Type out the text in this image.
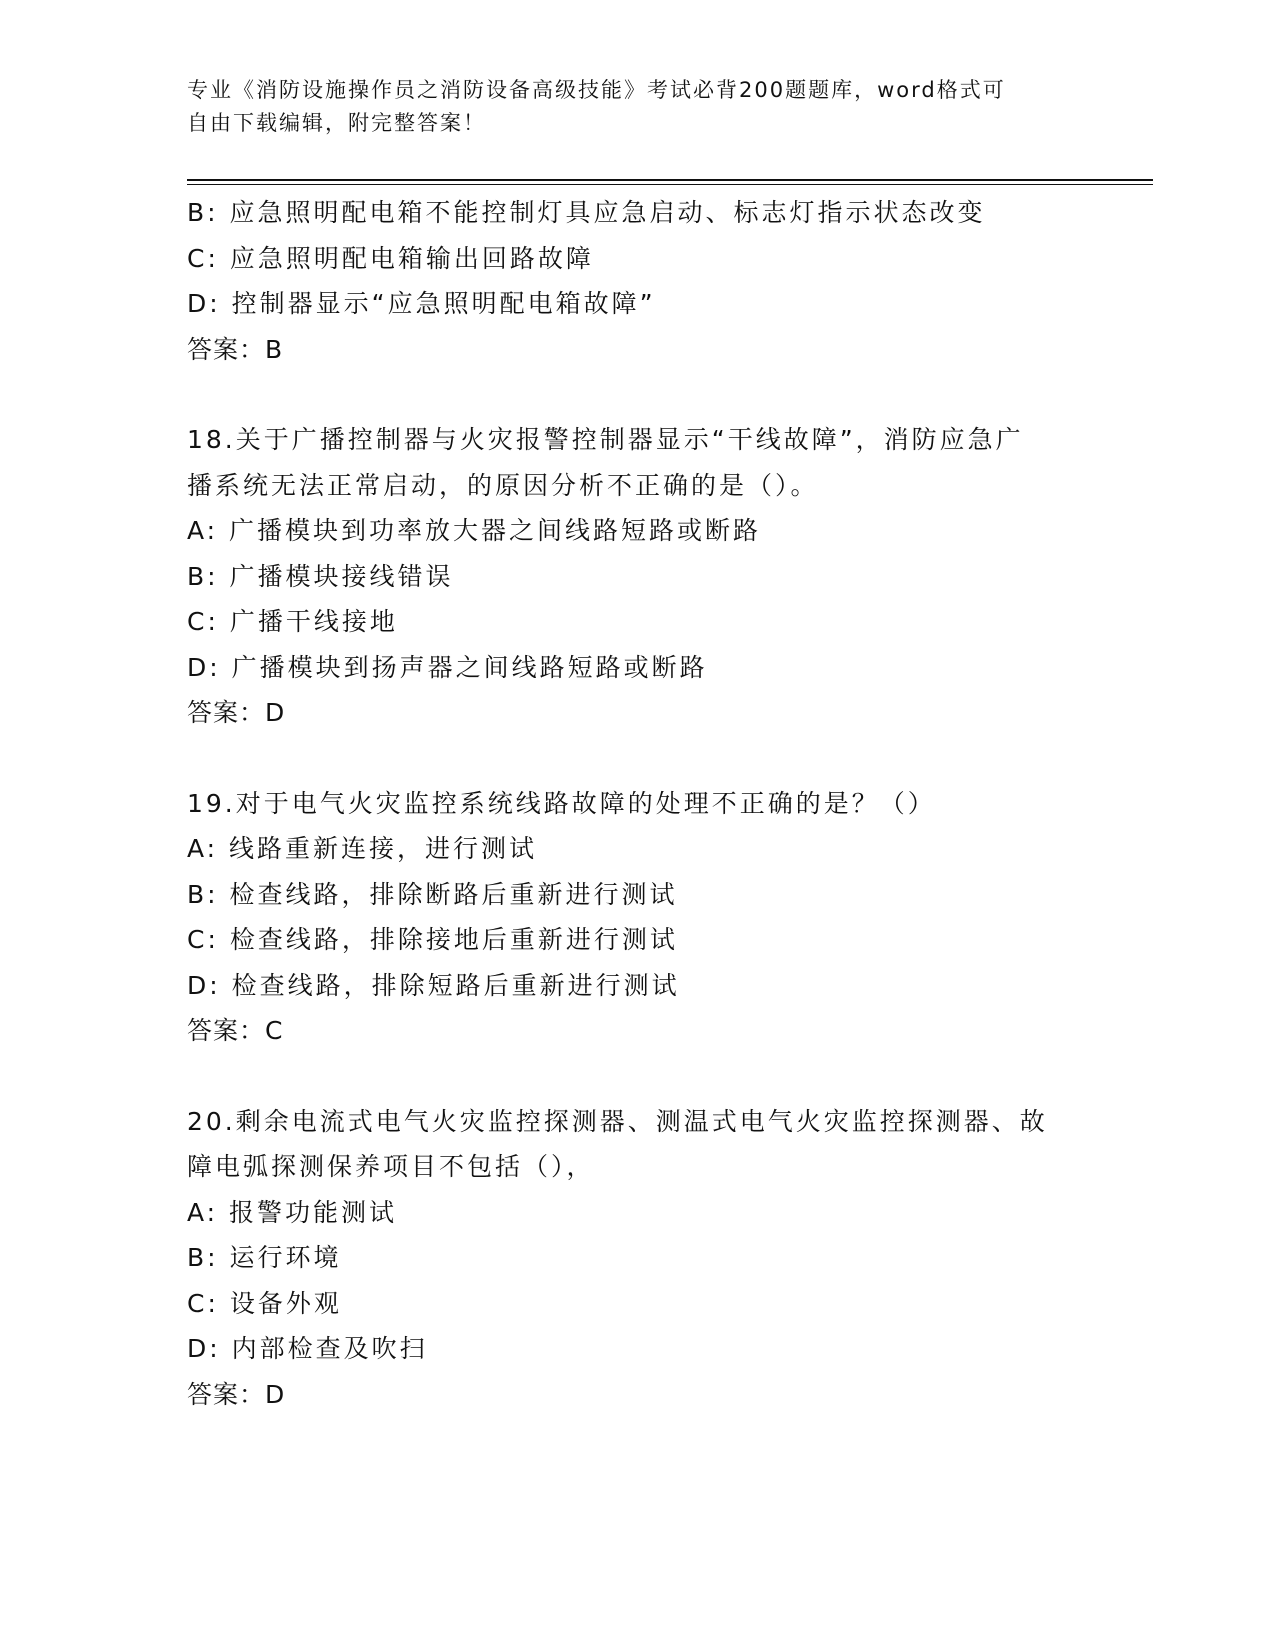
专业《消防设施操作员之消防设备高级技能》考试必背200题题库，word格式可
自由下载编辑，附完整答案！
B: 应急照明配电箱不能控制灯具应急启动、标志灯指示状态改变
C: 应急照明配电箱输出回路故障
D: 控制器显示“应急照明配电箱故障”
答案：B
18.关于广播控制器与火灾报警控制器显示“干线故障”，消防应急广
播系统无法正常启动，的原因分析不正确的是（）。
A: 广播模块到功率放大器之间线路短路或断路
B: 广播模块接线错误
C: 广播干线接地
D: 广播模块到扬声器之间线路短路或断路
答案：D
19.对于电气火灾监控系统线路故障的处理不正确的是？（）
A: 线路重新连接，进行测试
B: 检查线路，排除断路后重新进行测试
C: 检查线路，排除接地后重新进行测试
D: 检查线路，排除短路后重新进行测试
答案：C
20.剩余电流式电气火灾监控探测器、测温式电气火灾监控探测器、故
障电弧探测保养项目不包括（），
A: 报警功能测试
B: 运行环境
C: 设备外观
D: 内部检查及吹扫
答案：D
